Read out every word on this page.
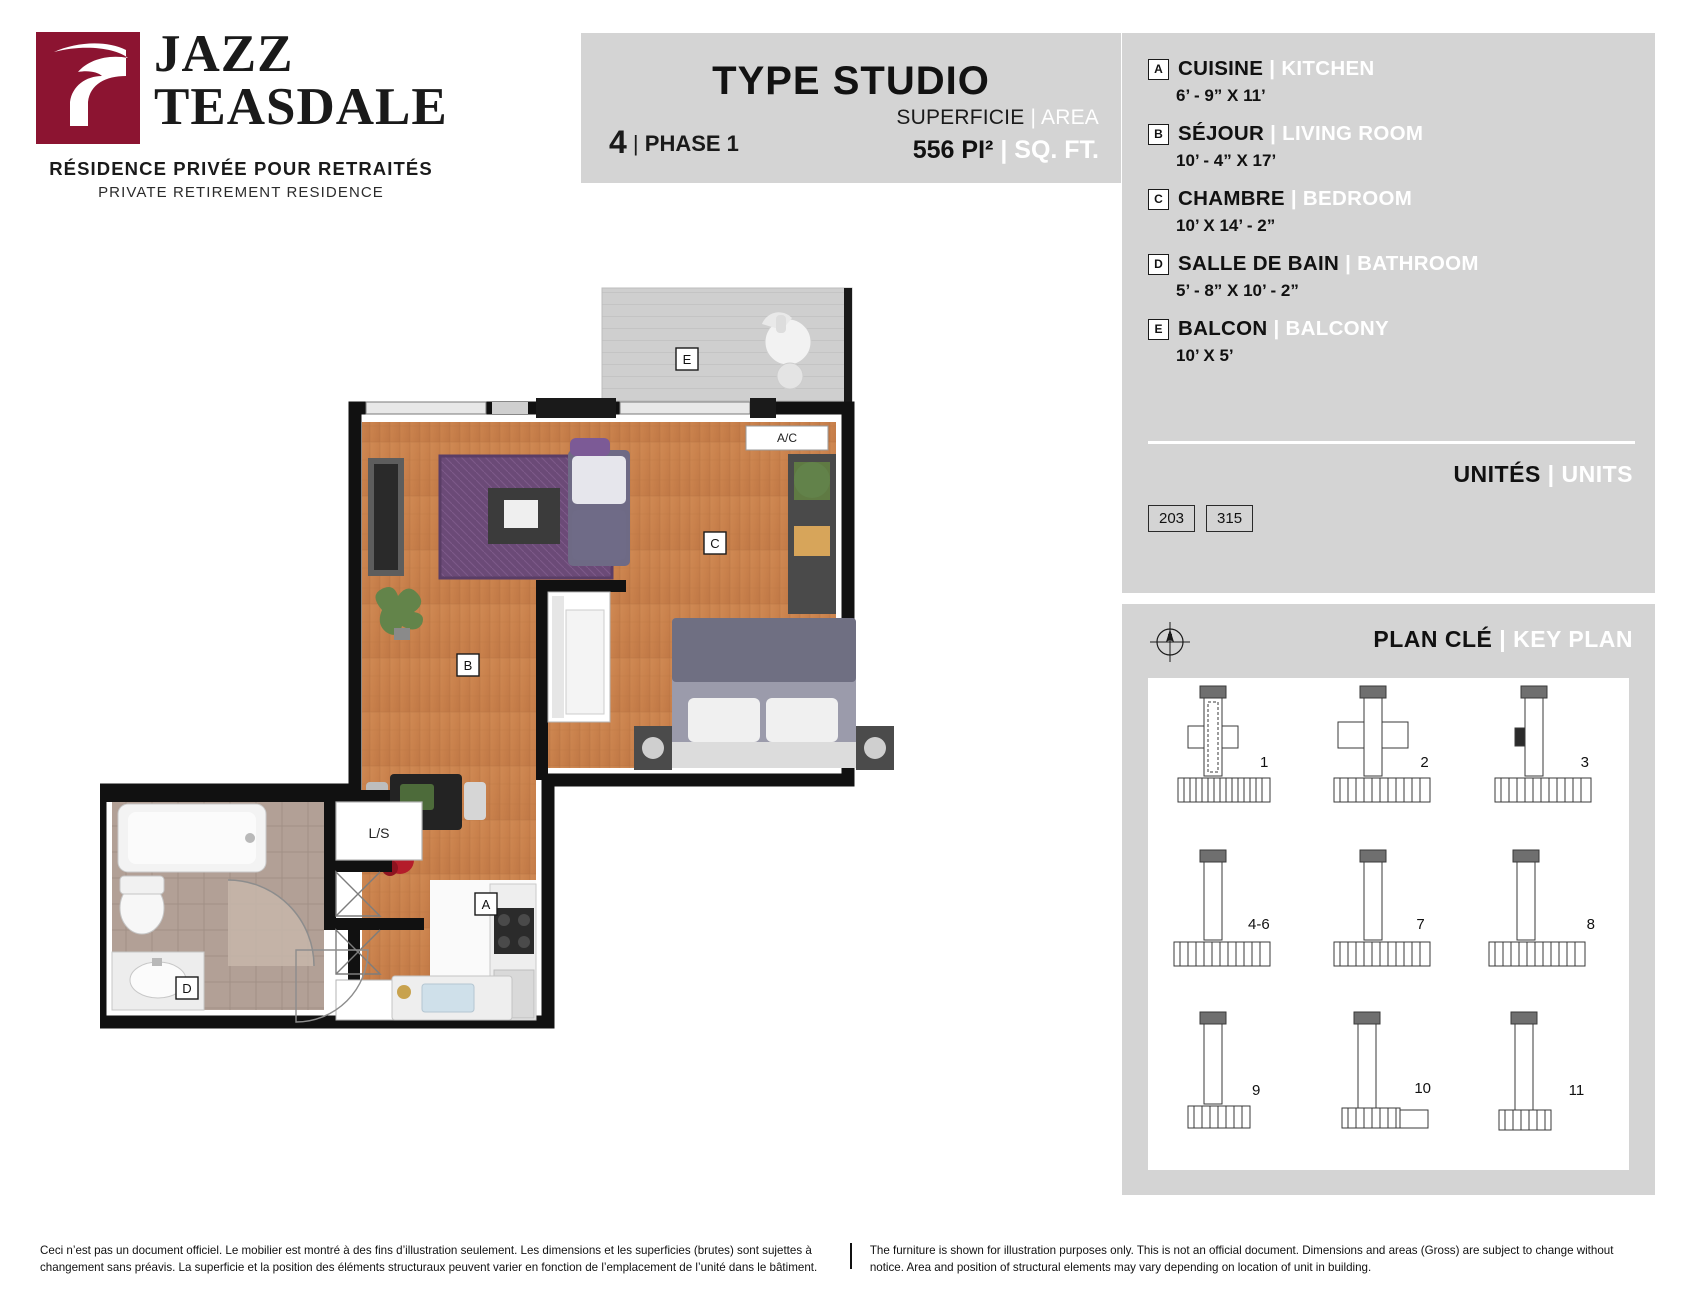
JAZZ
TEASDALE
RÉSIDENCE PRIVÉE POUR RETRAITÉS
PRIVATE RETIREMENT RESIDENCE
TYPE STUDIO
4 | PHASE 1
SUPERFICIE | AREA
556 PI² | SQ. FT.
A CUISINE | KITCHEN
6’ - 9” X 11’
B SÉJOUR | LIVING ROOM
10’ - 4” X 17’
C CHAMBRE | BEDROOM
10’ X 14’ - 2”
D SALLE DE BAIN | BATHROOM
5’ - 8” X 10’ - 2”
E BALCON | BALCONY
10’ X 5’
UNITÉS | UNITS
203	315
N	PLAN CLÉ | KEY PLAN
1	2	3
4-6	7	8
9	10	11
A/C
L/S
E
C
B
A
D
Ceci n’est pas un document officiel. Le mobilier est montré à des fins d’illustration seulement. Les dimensions et les superficies (brutes) sont sujettes à changement sans préavis. La superficie et la position des éléments structuraux peuvent varier en fonction de l’emplacement de l’unité dans le bâtiment.
The furniture is shown for illustration purposes only. This is not an official document. Dimensions and areas (Gross) are subject to change without notice. Area and position of structural elements may vary depending on location of unit in building.
